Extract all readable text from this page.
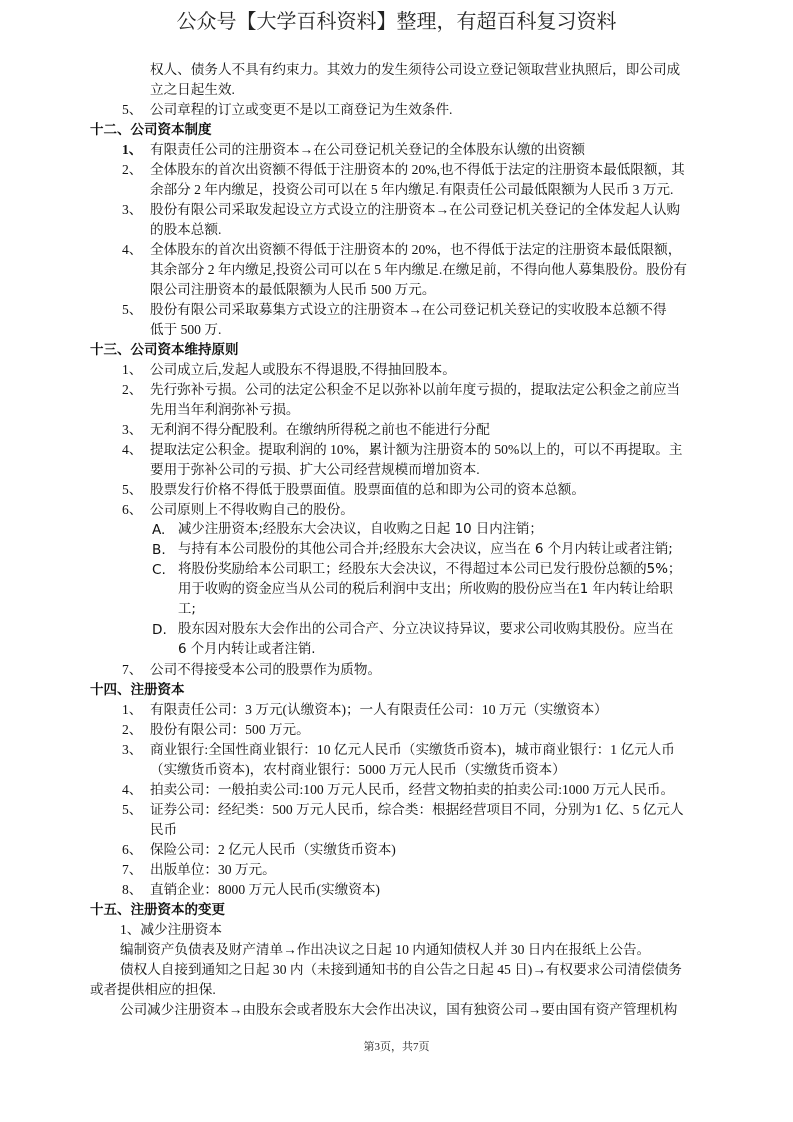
公众号【大学百科资料】整理，有超百科复习资料
权人、债务人不具有约束力。其效力的发生须待公司设立登记领取营业执照后，即公司成
立之日起生效.
5、 公司章程的订立或变更不是以工商登记为生效条件.
十二、公司资本制度
1、 有限责任公司的注册资本→在公司登记机关登记的全体股东认缴的出资额
2、 全体股东的首次出资额不得低于注册资本的 20%,也不得低于法定的注册资本最低限额，其
余部分 2 年内缴足，投资公司可以在 5 年内缴足.有限责任公司最低限额为人民币 3 万元.
3、 股份有限公司采取发起设立方式设立的注册资本→在公司登记机关登记的全体发起人认购
的股本总额.
4、 全体股东的首次出资额不得低于注册资本的 20%，也不得低于法定的注册资本最低限额，
其余部分 2 年内缴足,投资公司可以在 5 年内缴足.在缴足前，不得向他人募集股份。股份有
限公司注册资本的最低限额为人民币 500 万元。
5、 股份有限公司采取募集方式设立的注册资本→在公司登记机关登记的实收股本总额不得
低于 500 万.
十三、公司资本维持原则
1、 公司成立后,发起人或股东不得退股,不得抽回股本。
2、 先行弥补亏损。公司的法定公积金不足以弥补以前年度亏损的，提取法定公积金之前应当
先用当年利润弥补亏损。
3、 无利润不得分配股利。在缴纳所得税之前也不能进行分配
4、 提取法定公积金。提取利润的 10%，累计额为注册资本的 50%以上的，可以不再提取。主
要用于弥补公司的亏损、扩大公司经营规模而增加资本.
5、 股票发行价格不得低于股票面值。股票面值的总和即为公司的资本总额。
6、 公司原则上不得收购自己的股份。
A. 减少注册资本;经股东大会决议，自收购之日起 10 日内注销；
B. 与持有本公司股份的其他公司合并;经股东大会决议，应当在 6 个月内转让或者注销;
C. 将股份奖励给本公司职工；经股东大会决议，不得超过本公司已发行股份总额的5%；
用于收购的资金应当从公司的税后利润中支出；所收购的股份应当在1 年内转让给职
工;
D. 股东因对股东大会作出的公司合产、分立决议持异议，要求公司收购其股份。应当在
6 个月内转让或者注销.
7、 公司不得接受本公司的股票作为质物。
十四、注册资本
1、 有限责任公司：3 万元(认缴资本)；一人有限责任公司：10 万元（实缴资本）
2、 股份有限公司：500 万元。
3、 商业银行:全国性商业银行：10 亿元人民币（实缴货币资本)，城市商业银行：1 亿元人币
（实缴货币资本)，农村商业银行：5000 万元人民币（实缴货币资本）
4、 拍卖公司：一般拍卖公司:100 万元人民币，经营文物拍卖的拍卖公司:1000 万元人民币。
5、 证券公司：经纪类：500 万元人民币，综合类：根据经营项目不同，分别为1 亿、5 亿元人
民币
6、 保险公司：2 亿元人民币（实缴货币资本)
7、 出版单位：30 万元。
8、 直销企业：8000 万元人民币(实缴资本)
十五、注册资本的变更
1、减少注册资本
编制资产负债表及财产清单→作出决议之日起 10 内通知债权人并 30 日内在报纸上公告。
债权人自接到通知之日起 30 内（未接到通知书的自公告之日起 45 日)→有权要求公司清偿债务
或者提供相应的担保.
公司减少注册资本→由股东会或者股东大会作出决议，国有独资公司→要由国有资产管理机构
第3页，共7页
